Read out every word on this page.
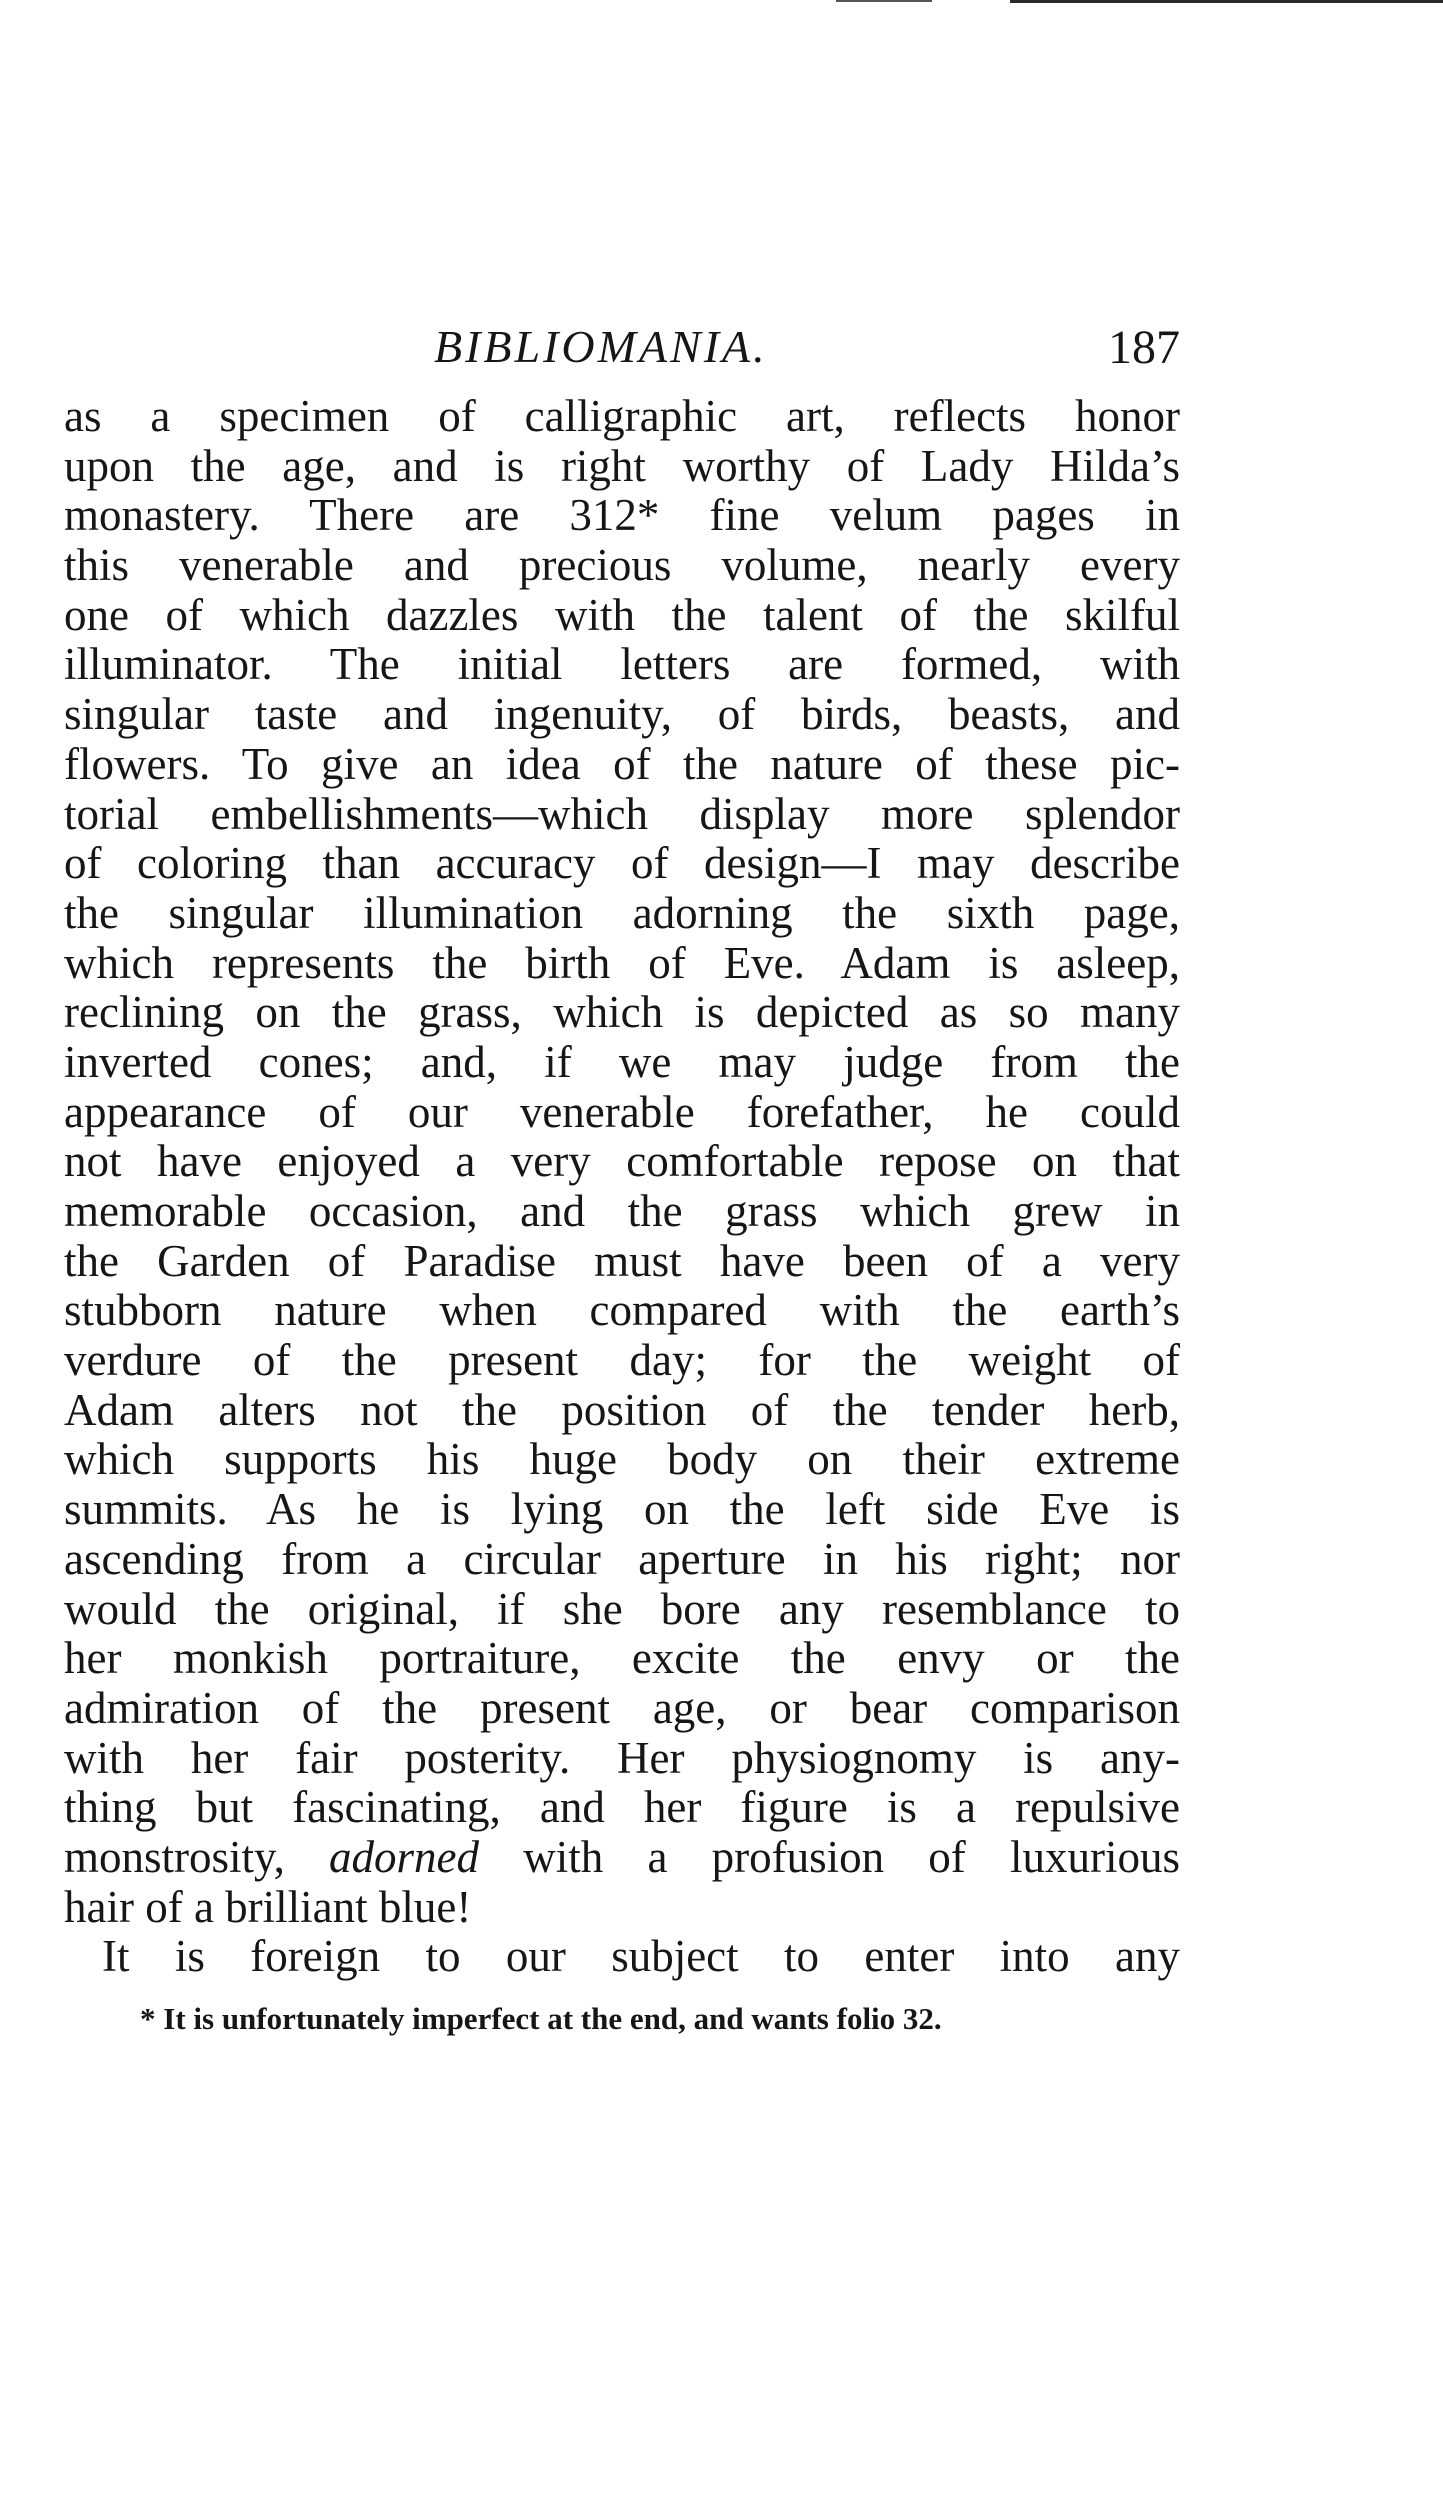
BIBLIOMANIA.	187
as a specimen of calligraphic art, reflects honor
upon the age, and is right worthy of Lady Hilda’s
monastery. There are 312* fine velum pages in
this venerable and precious volume, nearly every
one of which dazzles with the talent of the skilful
illuminator. The initial letters are formed, with
singular taste and ingenuity, of birds, beasts, and
flowers. To give an idea of the nature of these pic-
torial embellishments—which display more splendor
of coloring than accuracy of design—I may describe
the singular illumination adorning the sixth page,
which represents the birth of Eve. Adam is asleep,
reclining on the grass, which is depicted as so many
inverted cones; and, if we may judge from the
appearance of our venerable forefather, he could
not have enjoyed a very comfortable repose on that
memorable occasion, and the grass which grew in
the Garden of Paradise must have been of a very
stubborn nature when compared with the earth’s
verdure of the present day; for the weight of
Adam alters not the position of the tender herb,
which supports his huge body on their extreme
summits. As he is lying on the left side Eve is
ascending from a circular aperture in his right; nor
would the original, if she bore any resemblance to
her monkish portraiture, excite the envy or the
admiration of the present age, or bear comparison
with her fair posterity. Her physiognomy is any-
thing but fascinating, and her figure is a repulsive
monstrosity, adorned with a profusion of luxurious
hair of a brilliant blue!
It is foreign to our subject to enter into any
* It is unfortunately imperfect at the end, and wants folio 32.
